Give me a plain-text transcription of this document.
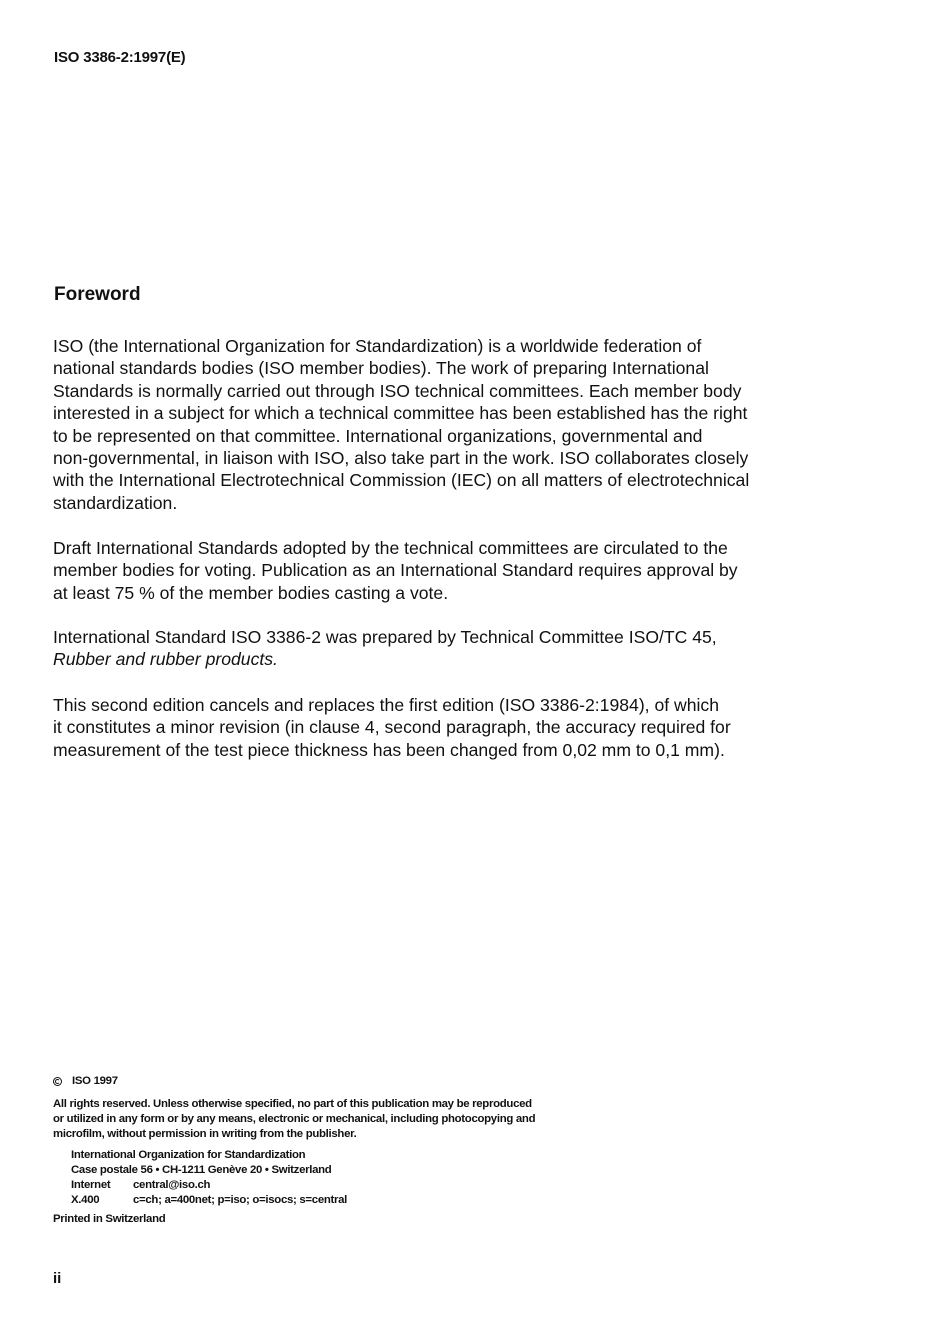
ISO 3386-2:1997(E)
Foreword

ISO (the International Organization for Standardization) is a worldwide federation of
national standards bodies (ISO member bodies). The work of preparing International
Standards is normally carried out through ISO technical committees. Each member body
interested in a subject for which a technical committee has been established has the right
to be represented on that committee. International organizations, governmental and
non-governmental, in liaison with ISO, also take part in the work. ISO collaborates closely
with the International Electrotechnical Commission (IEC) on all matters of electrotechnical
standardization.

Draft International Standards adopted by the technical committees are circulated to the
member bodies for voting. Publication as an International Standard requires approval by
at least 75 % of the member bodies casting a vote.

International Standard ISO 3386-2 was prepared by Technical Committee ISO/TC 45,
Rubber and rubber products.

This second edition cancels and replaces the first edition (ISO 3386-2:1984), of which
it constitutes a minor revision (in clause 4, second paragraph, the accuracy required for
measurement of the test piece thickness has been changed from 0,02 mm to 0,1 mm).

ISO 1997
All rights reserved. Unless otherwise specified, no part of this publication may be reproduced
or utilized in any form or by any means, electronic or mechanical, including photocopying and
microfilm, without permission in writing from the publisher.
International Organization for Standardization
Case postale 56 • CH-1211 Genève 20 • Switzerland
Internet central@iso.ch
X.400	c=ch; a=400net; p=iso; o=isocs; s=central
Printed in Switzerland
ii
